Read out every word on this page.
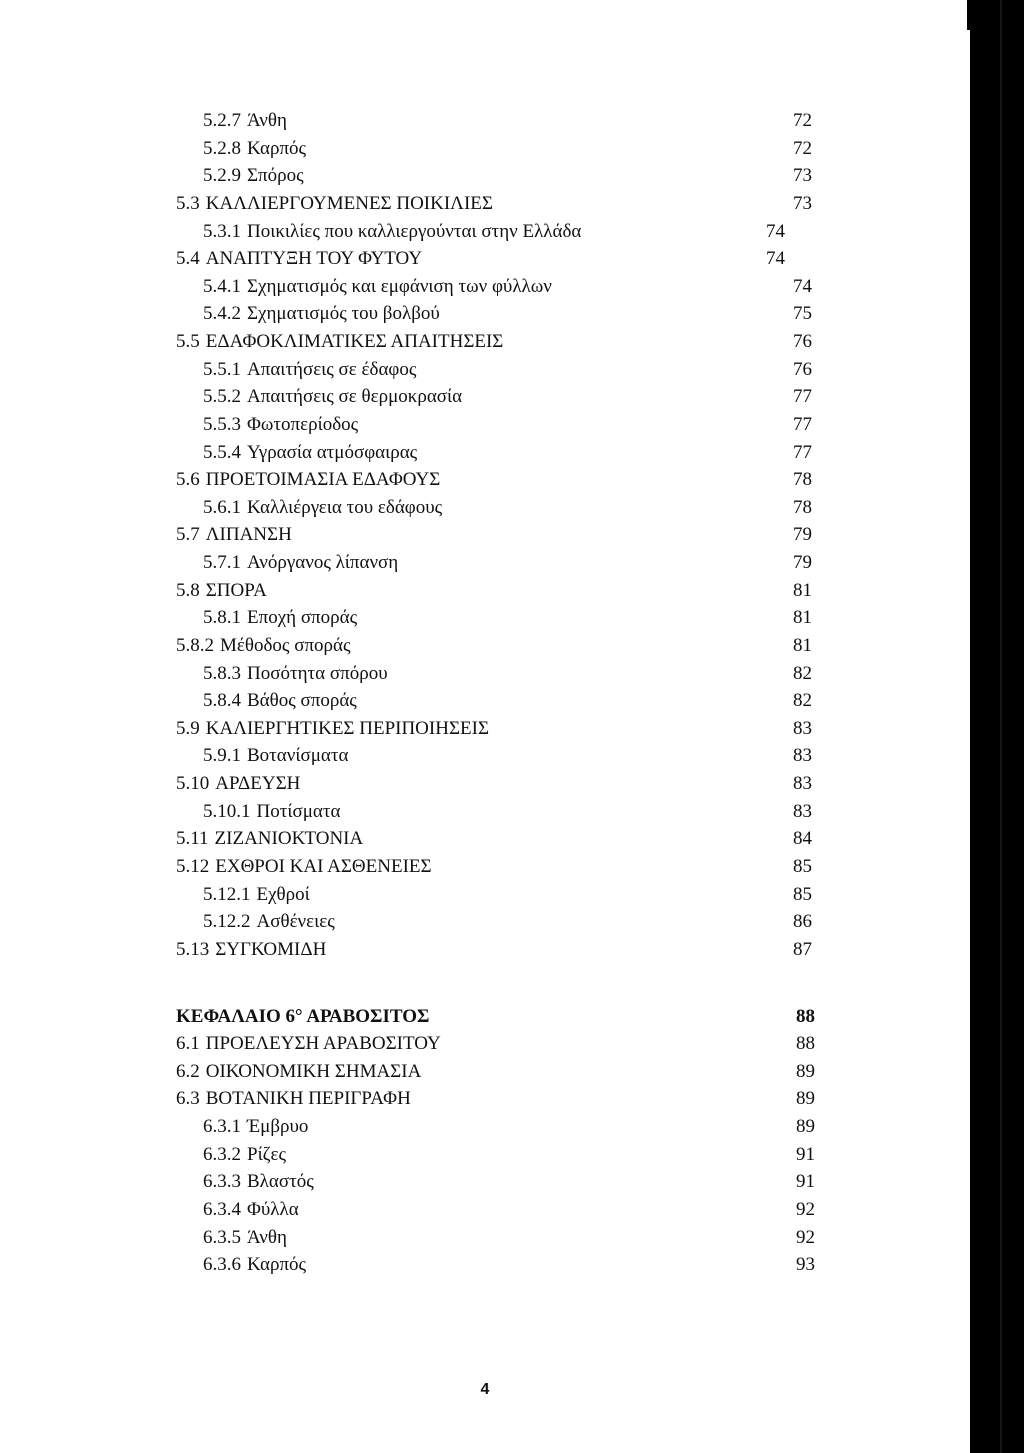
5.2.7 Άνθη	72
5.2.8 Καρπός	72
5.2.9 Σπόρος	73
5.3 ΚΑΛΛΙΕΡΓΟΥΜΕΝΕΣ ΠΟΙΚΙΛΙΕΣ	73
5.3.1 Ποικιλίες που καλλιεργούνται στην Ελλάδα	74
5.4 ΑΝΑΠΤΥΞΗ ΤΟΥ ΦΥΤΟΥ	74
5.4.1 Σχηματισμός και εμφάνιση των φύλλων	74
5.4.2 Σχηματισμός του βολβού	75
5.5 ΕΔΑΦΟΚΛΙΜΑΤΙΚΕΣ ΑΠΑΙΤΗΣΕΙΣ	76
5.5.1 Απαιτήσεις σε έδαφος	76
5.5.2 Απαιτήσεις σε θερμοκρασία	77
5.5.3 Φωτοπερίοδος	77
5.5.4 Υγρασία ατμόσφαιρας	77
5.6 ΠΡΟΕΤΟΙΜΑΣΙΑ ΕΔΑΦΟΥΣ	78
5.6.1 Καλλιέργεια του εδάφους	78
5.7 ΛΙΠΑΝΣΗ	79
5.7.1 Ανόργανος λίπανση	79
5.8 ΣΠΟΡΑ	81
5.8.1 Εποχή σποράς	81
5.8.2 Μέθοδος σποράς	81
5.8.3 Ποσότητα σπόρου	82
5.8.4 Βάθος σποράς	82
5.9 ΚΑΛΙΕΡΓΗΤΙΚΕΣ ΠΕΡΙΠΟΙΗΣΕΙΣ	83
5.9.1 Βοτανίσματα	83
5.10 ΑΡΔΕΥΣΗ	83
5.10.1 Ποτίσματα	83
5.11 ΖΙΖΑΝΙΟΚΤΟΝΙΑ	84
5.12 ΕΧΘΡΟΙ ΚΑΙ ΑΣΘΕΝΕΙΕΣ	85
5.12.1 Εχθροί	85
5.12.2 Ασθένειες	86
5.13 ΣΥΓΚΟΜΙΔΗ	87
ΚΕΦΑΛΑΙΟ 6° ΑΡΑΒΟΣΙΤΟΣ	88
6.1 ΠΡΟΕΛΕΥΣΗ ΑΡΑΒΟΣΙΤΟΥ	88
6.2 ΟΙΚΟΝΟΜΙΚΗ ΣΗΜΑΣΙΑ	89
6.3 ΒΟΤΑΝΙΚΗ ΠΕΡΙΓΡΑΦΗ	89
6.3.1 Έμβρυο	89
6.3.2 Ρίζες	91
6.3.3 Βλαστός	91
6.3.4 Φύλλα	92
6.3.5 Άνθη	92
6.3.6 Καρπός	93
4
